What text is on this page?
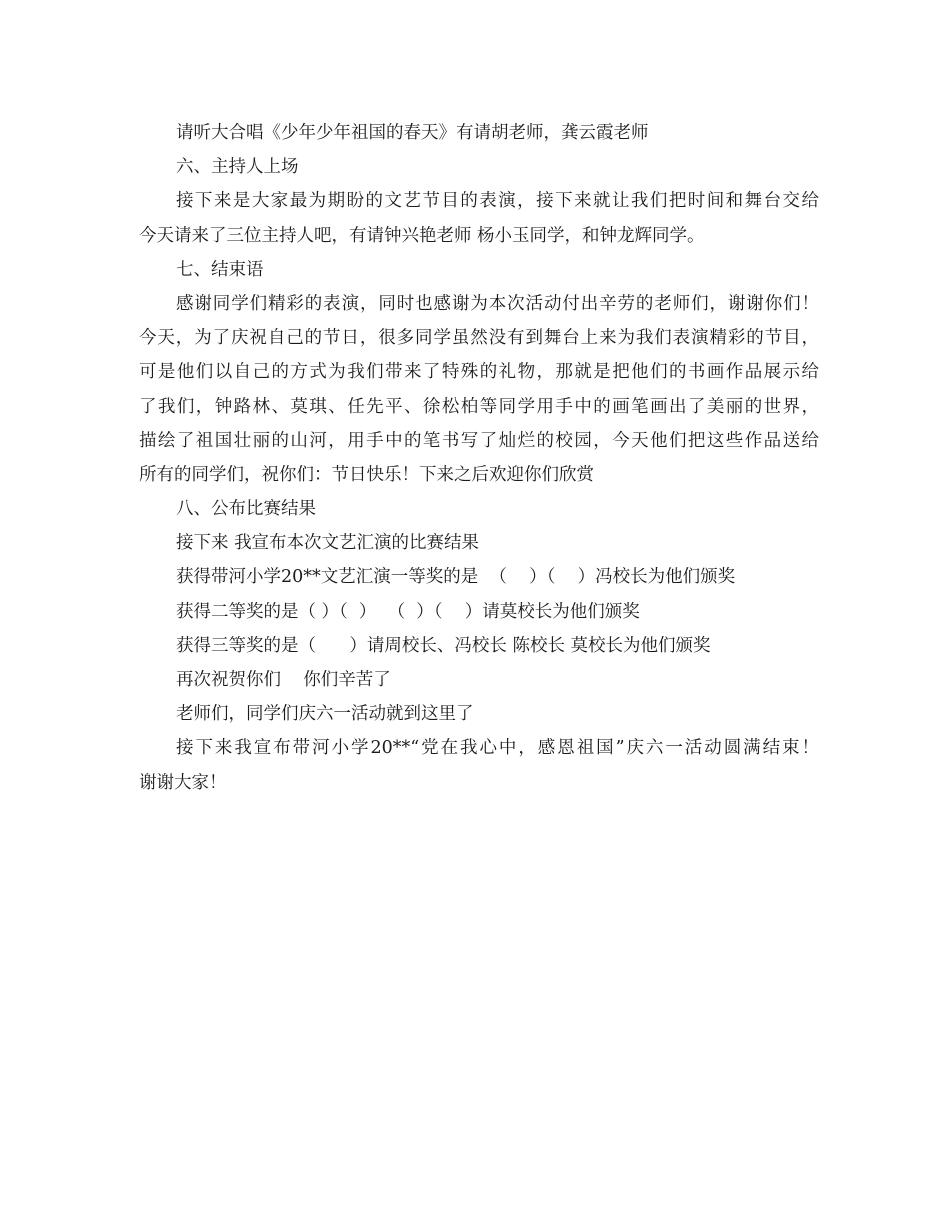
请听大合唱《少年少年祖国的春天》有请胡老师，龚云霞老师
六、主持人上场
接下来是大家最为期盼的文艺节目的表演，接下来就让我们把时间和舞台交给
今天请来了三位主持人吧，有请钟兴艳老师 杨小玉同学，和钟龙辉同学。
七、结束语
感谢同学们精彩的表演，同时也感谢为本次活动付出辛劳的老师们，谢谢你们！
今天，为了庆祝自己的节日，很多同学虽然没有到舞台上来为我们表演精彩的节目，
可是他们以自己的方式为我们带来了特殊的礼物，那就是把他们的书画作品展示给
了我们，钟路林、莫琪、任先平、徐松柏等同学用手中的画笔画出了美丽的世界，
描绘了祖国壮丽的山河，用手中的笔书写了灿烂的校园，今天他们把这些作品送给
所有的同学们，祝你们：节日快乐！下来之后欢迎你们欣赏
八、公布比赛结果
接下来 我宣布本次文艺汇演的比赛结果
获得带河小学20**文艺汇演一等奖的是  （    ）（    ）冯校长为他们颁奖
获得二等奖的是（ ）（  ）  （  ）（    ）请莫校长为他们颁奖
获得三等奖的是（      ）请周校长、冯校长 陈校长 莫校长为他们颁奖
再次祝贺你们    你们辛苦了
老师们，同学们庆六一活动就到这里了
接下来我宣布带河小学20**“党在我心中，感恩祖国”庆六一活动圆满结束！
谢谢大家！
